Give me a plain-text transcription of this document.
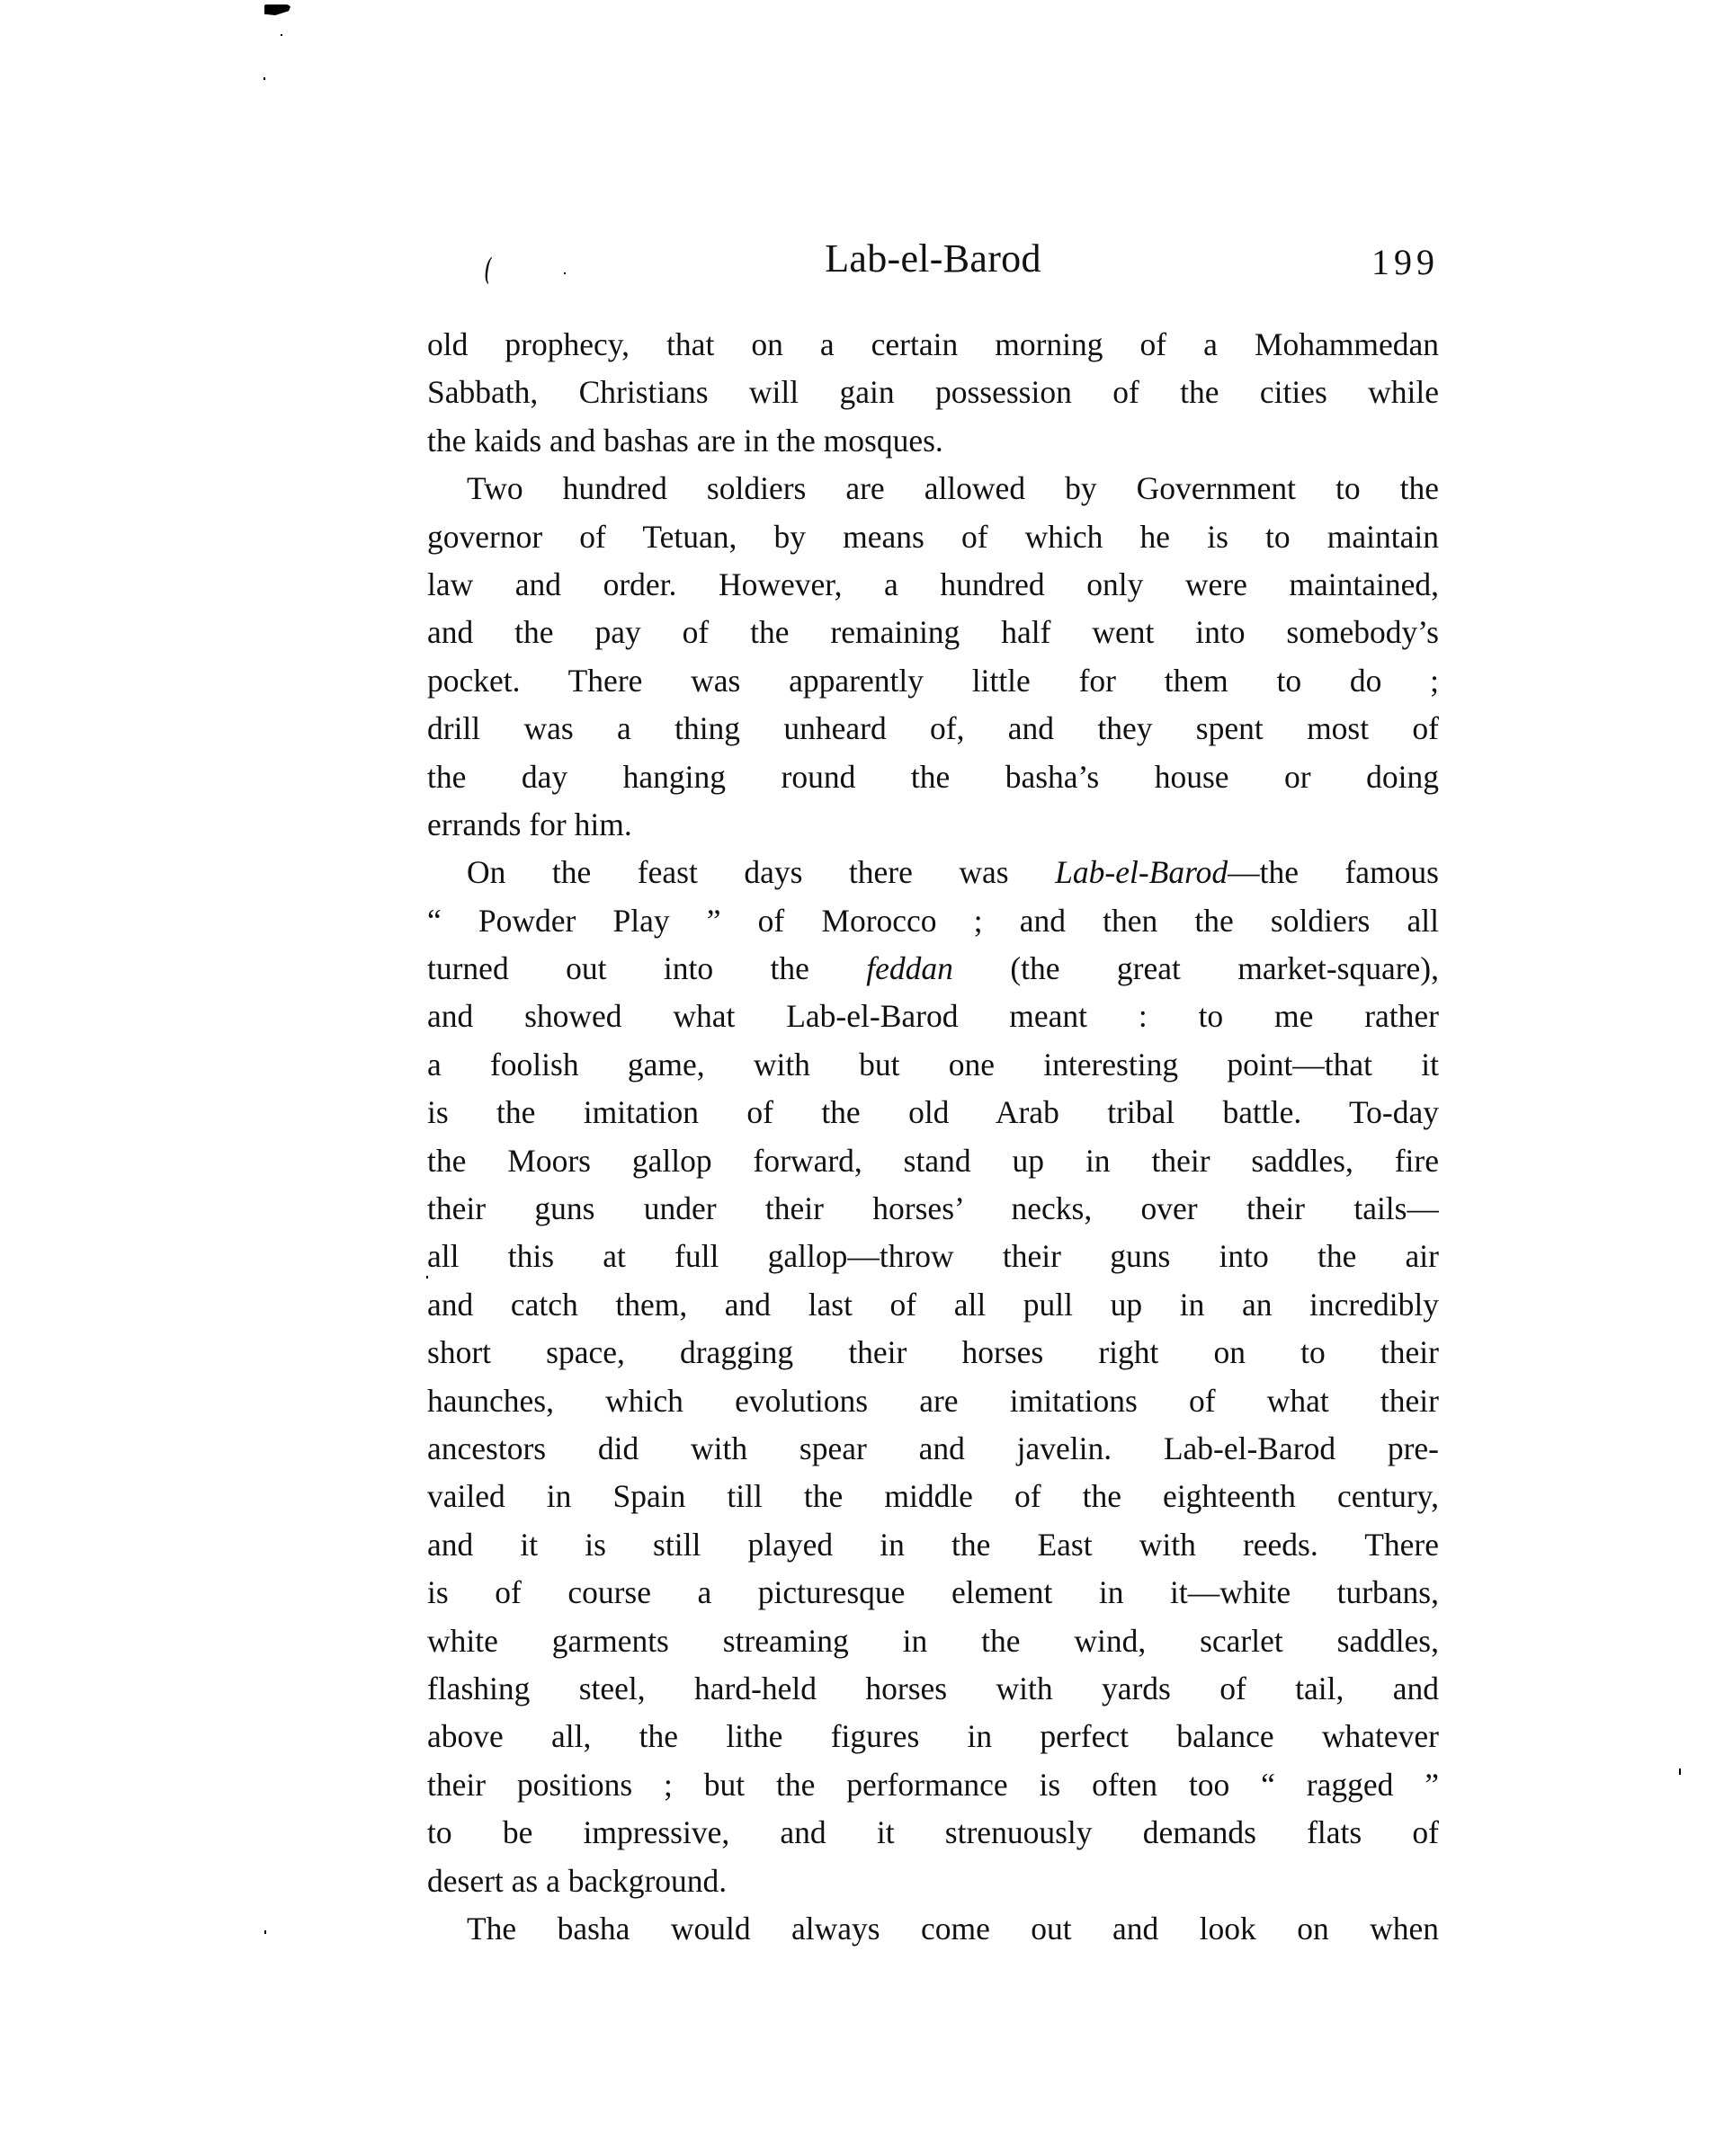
(	Lab-el-Barod	199
old prophecy, that on a certain morning of a Mohammedan
Sabbath, Christians will gain possession of the cities while
the kaids and bashas are in the mosques.
Two hundred soldiers are allowed by Government to the
governor of Tetuan, by means of which he is to maintain
law and order. However, a hundred only were maintained,
and the pay of the remaining half went into somebody’s
pocket. There was apparently little for them to do ;
drill was a thing unheard of, and they spent most of
the day hanging round the basha’s house or doing
errands for him.
On the feast days there was Lab-el-Barod—the famous
“ Powder Play ” of Morocco ; and then the soldiers all
turned out into the feddan (the great market-square),
and showed what Lab-el-Barod meant : to me rather
a foolish game, with but one interesting point—that it
is the imitation of the old Arab tribal battle. To-day
the Moors gallop forward, stand up in their saddles, fire
their guns under their horses’ necks, over their tails—
all this at full gallop—throw their guns into the air
and catch them, and last of all pull up in an incredibly
short space, dragging their horses right on to their
haunches, which evolutions are imitations of what their
ancestors did with spear and javelin. Lab-el-Barod pre-
vailed in Spain till the middle of the eighteenth century,
and it is still played in the East with reeds. There
is of course a picturesque element in it—white turbans,
white garments streaming in the wind, scarlet saddles,
flashing steel, hard-held horses with yards of tail, and
above all, the lithe figures in perfect balance whatever
their positions ; but the performance is often too “ ragged ”
to be impressive, and it strenuously demands flats of
desert as a background.
The basha would always come out and look on when
